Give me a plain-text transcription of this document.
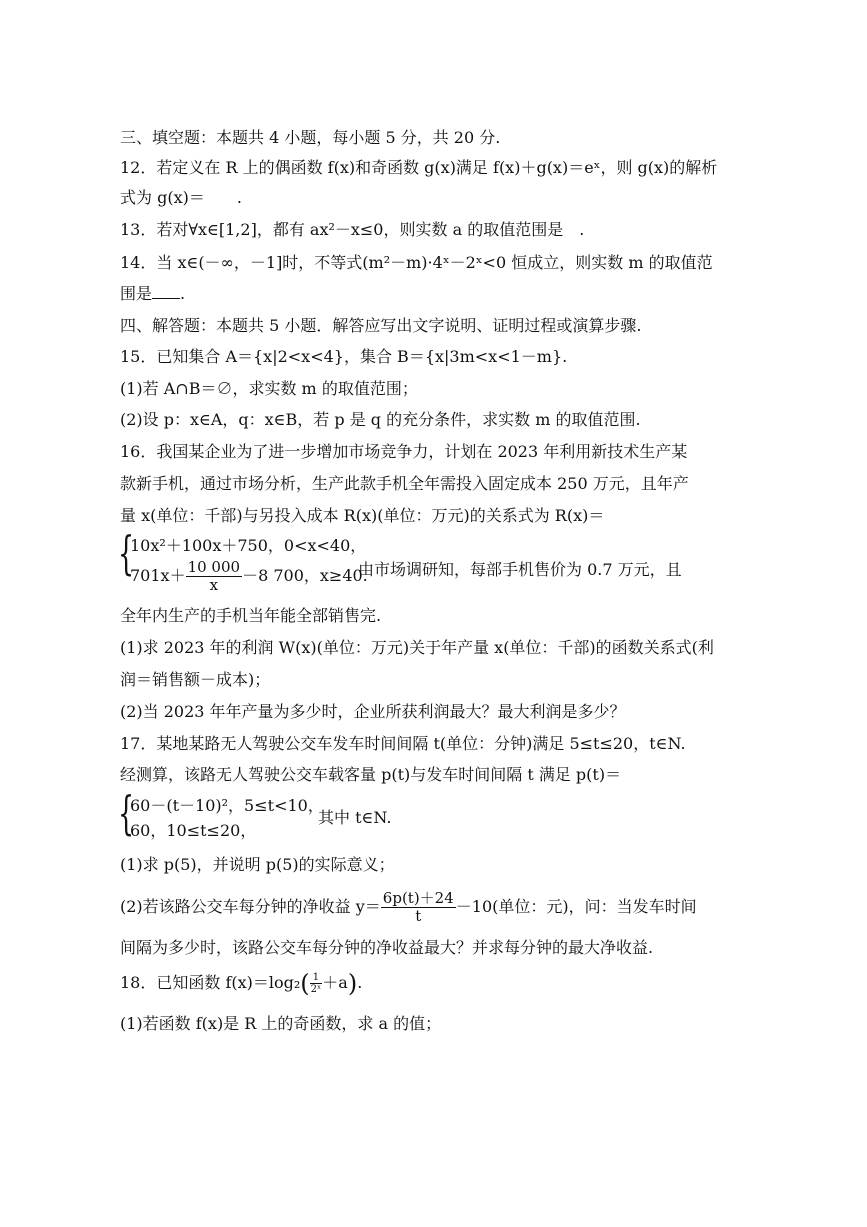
三、填空题：本题共 4 小题，每小题 5 分，共 20 分.
12．若定义在 R 上的偶函数 f(x)和奇函数 g(x)满足 f(x)＋g(x)＝eˣ，则 g(x)的解析
式为 g(x)＝　　.
13．若对∀x∈[1,2]，都有 ax²－x≤0，则实数 a 的取值范围是　.
14．当 x∈(－∞，－1]时，不等式(m²－m)·4ˣ－2ˣ<0 恒成立，则实数 m 的取值范
围是 .
四、解答题：本题共 5 小题．解答应写出文字说明、证明过程或演算步骤.
15．已知集合 A＝{x|2<x<4}，集合 B＝{x|3m<x<1－m}.
(1)若 A∩B＝∅，求实数 m 的取值范围；
(2)设 p：x∈A，q：x∈B，若 p 是 q 的充分条件，求实数 m 的取值范围.
16．我国某企业为了进一步增加市场竞争力，计划在 2023 年利用新技术生产某
款新手机，通过市场分析，生产此款手机全年需投入固定成本 250 万元，且年产
量 x(单位：千部)与另投入成本 R(x)(单位：万元)的关系式为 R(x)＝
{
10x²＋100x＋750，0<x<40，
$701x+ \frac{10 000}{x} -8$ 700，x≥40.
由市场调研知，每部手机售价为 0.7 万元，且
全年内生产的手机当年能全部销售完.
(1)求 2023 年的利润 W(x)(单位：万元)关于年产量 x(单位：千部)的函数关系式(利
润＝销售额－成本)；
(2)当 2023 年年产量为多少时，企业所获利润最大？最大利润是多少？
17．某地某路无人驾驶公交车发车时间间隔 t(单位：分钟)满足 5≤t≤20，t∈N.
经测算，该路无人驾驶公交车载客量 p(t)与发车时间间隔 t 满足 p(t)＝
{
60－(t－10)²，5≤t<10，
60，10≤t≤20，
其中 t∈N.
(1)求 p(5)，并说明 p(5)的实际意义；
(2)若该路公交车每分钟的净收益 $y= \frac{6p(t)+24}{t} -10$(单位：元)，问：当发车时间
间隔为多少时，该路公交车每分钟的净收益最大？并求每分钟的最大净收益.
18．已知函数 $f(x)=\log_2( \frac{1}{\text{2ˣ}} +a)$.
(1)若函数 f(x)是 R 上的奇函数，求 a 的值；
